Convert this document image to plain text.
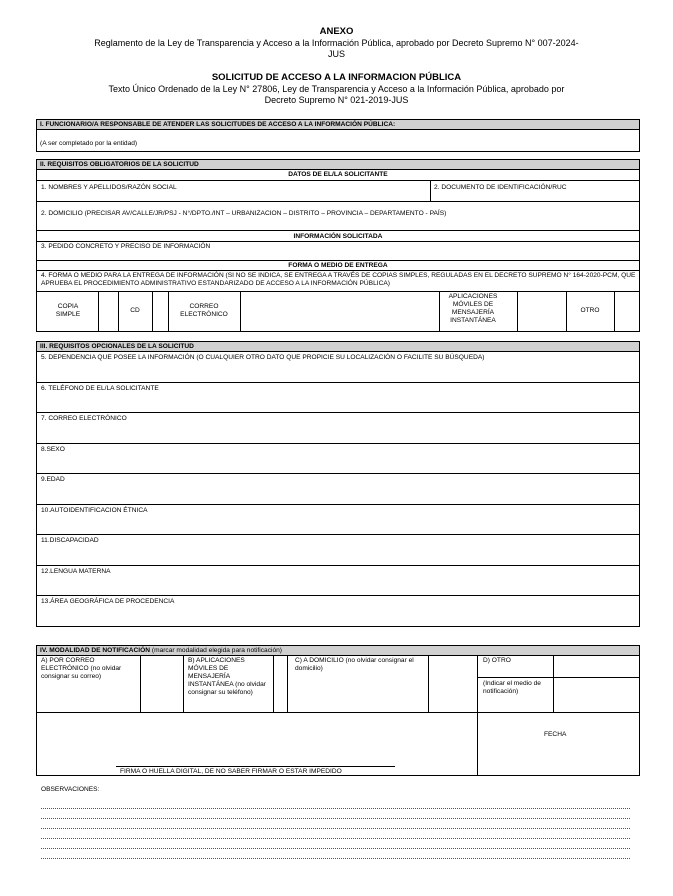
ANEXO
Reglamento de la Ley de Transparencia y Acceso a la Información Pública, aprobado por Decreto Supremo N° 007-2024-JUS
SOLICITUD DE ACCESO A LA INFORMACION PÚBLICA
Texto Único Ordenado de la Ley N° 27806, Ley de Transparencia y Acceso a la Información Pública, aprobado por Decreto Supremo N° 021-2019-JUS
I. FUNCIONARIO/A RESPONSABLE DE ATENDER LAS SOLICITUDES DE ACCESO A LA INFORMACIÓN PÚBLICA:
(A ser completado por la entidad)
II. REQUISITOS OBLIGATORIOS DE LA SOLICITUD
DATOS DE EL/LA SOLICITANTE
1. NOMBRES Y APELLIDOS/RAZÓN SOCIAL	2. DOCUMENTO DE IDENTIFICACIÓN/RUC
2. DOMICILIO (PRECISAR AV/CALLE/JR/PSJ - N°/DPTO./INT – URBANIZACION – DISTRITO – PROVINCIA – DEPARTAMENTO - PAÍS)
INFORMACIÓN SOLICITADA
3. PEDIDO CONCRETO Y PRECISO DE INFORMACIÓN
FORMA O MEDIO DE ENTREGA
4. FORMA O MEDIO PARA LA ENTREGA DE INFORMACIÓN (SI NO SE INDICA, SE ENTREGA A TRAVÉS DE COPIAS SIMPLES, REGULADAS EN EL DECRETO SUPREMO N° 164-2020-PCM, QUE APRUEBA EL PROCEDIMIENTO ADMINISTRATIVO ESTANDARIZADO DE ACCESO A LA INFORMACIÓN PÚBLICA)
COPIA SIMPLE
CD
CORREO ELECTRÓNICO
APLICACIONES MÓVILES DE MENSAJERÍA INSTANTÁNEA
OTRO
III. REQUISITOS OPCIONALES DE LA SOLICITUD
5. DEPENDENCIA QUE POSEE LA INFORMACIÓN (O CUALQUIER OTRO DATO QUE PROPICIE SU LOCALIZACIÓN O FACILITE SU BÚSQUEDA)
6. TELÉFONO DE EL/LA SOLICITANTE
7. CORREO ELECTRÓNICO
8.SEXO
9.EDAD
10.AUTOIDENTIFICACION ÉTNICA
11.DISCAPACIDAD
12.LENGUA MATERNA
13.ÁREA GEOGRÁFICA DE PROCEDENCIA
IV. MODALIDAD DE NOTIFICACIÓN (marcar modalidad elegida para notificación)
A) POR CORREO ELECTRÓNICO (no olvidar consignar su correo)
B) APLICACIONES MÓVILES DE MENSAJERÍA INSTANTÁNEA (no olvidar consignar su teléfono)
C) A DOMICILIO (no olvidar consignar el domicilio)
D) OTRO
(Indicar el medio de notificación)
FIRMA O HUELLA DIGITAL, DE NO SABER FIRMAR O ESTAR IMPEDIDO
FECHA
OBSERVACIONES:
